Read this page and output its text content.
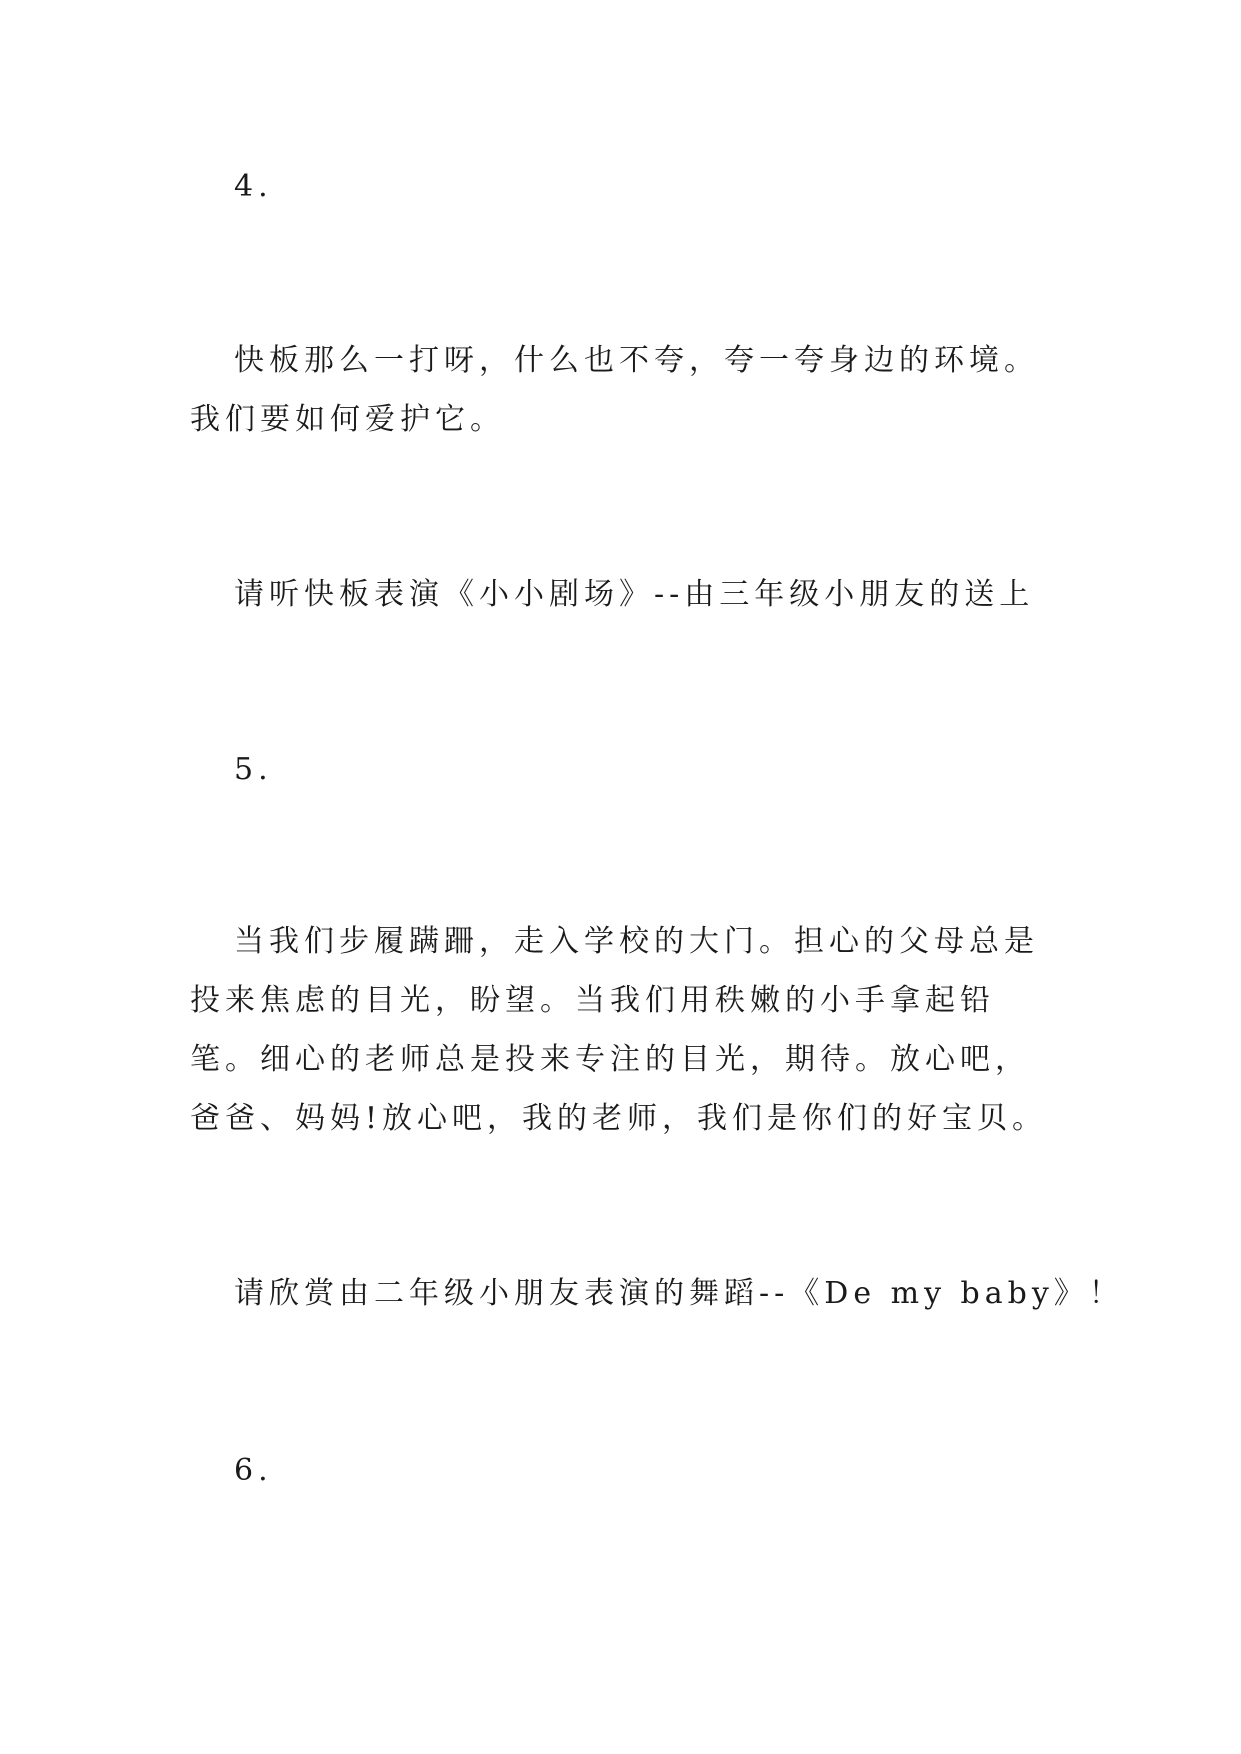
4.

快板那么一打呀，什么也不夸，夸一夸身边的环境。我们要如何爱护它。

请听快板表演《小小剧场》--由三年级小朋友的送上

5.

当我们步履蹒跚，走入学校的大门。担心的父母总是投来焦虑的目光，盼望。当我们用秩嫩的小手拿起铅笔。细心的老师总是投来专注的目光，期待。放心吧，爸爸、妈妈!放心吧，我的老师，我们是你们的好宝贝。

请欣赏由二年级小朋友表演的舞蹈--《De my baby》！

6.
